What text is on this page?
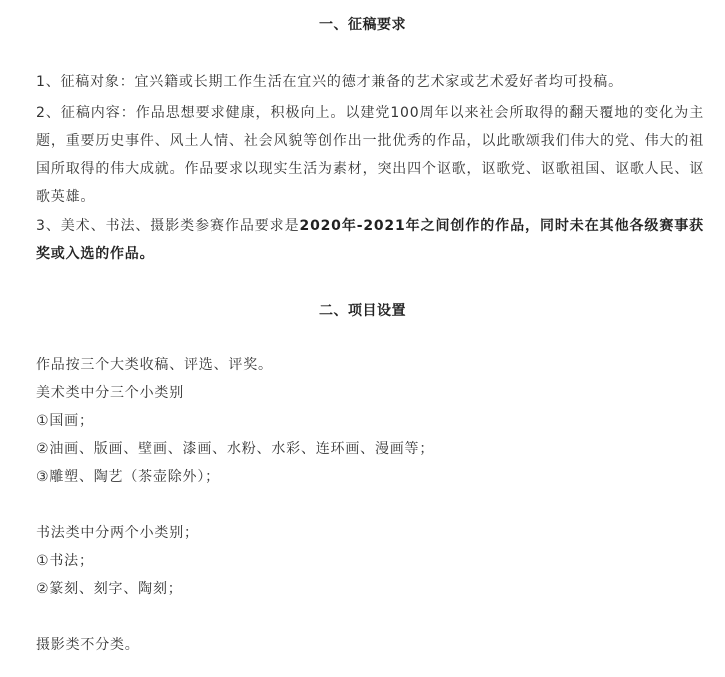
一、征稿要求
1、征稿对象：宜兴籍或长期工作生活在宜兴的德才兼备的艺术家或艺术爱好者均可投稿。
2、征稿内容：作品思想要求健康，积极向上。以建党100周年以来社会所取得的翻天覆地的变化为主题，重要历史事件、风土人情、社会风貌等创作出一批优秀的作品，以此歌颂我们伟大的党、伟大的祖国所取得的伟大成就。作品要求以现实生活为素材，突出四个讴歌，讴歌党、讴歌祖国、讴歌人民、讴歌英雄。
3、美术、书法、摄影类参赛作品要求是2020年-2021年之间创作的作品，同时未在其他各级赛事获奖或入选的作品。
二、项目设置
作品按三个大类收稿、评选、评奖。
美术类中分三个小类别
①国画；
②油画、版画、壁画、漆画、水粉、水彩、连环画、漫画等；
③雕塑、陶艺（茶壶除外）；
书法类中分两个小类别；
①书法；
②篆刻、刻字、陶刻；
摄影类不分类。
